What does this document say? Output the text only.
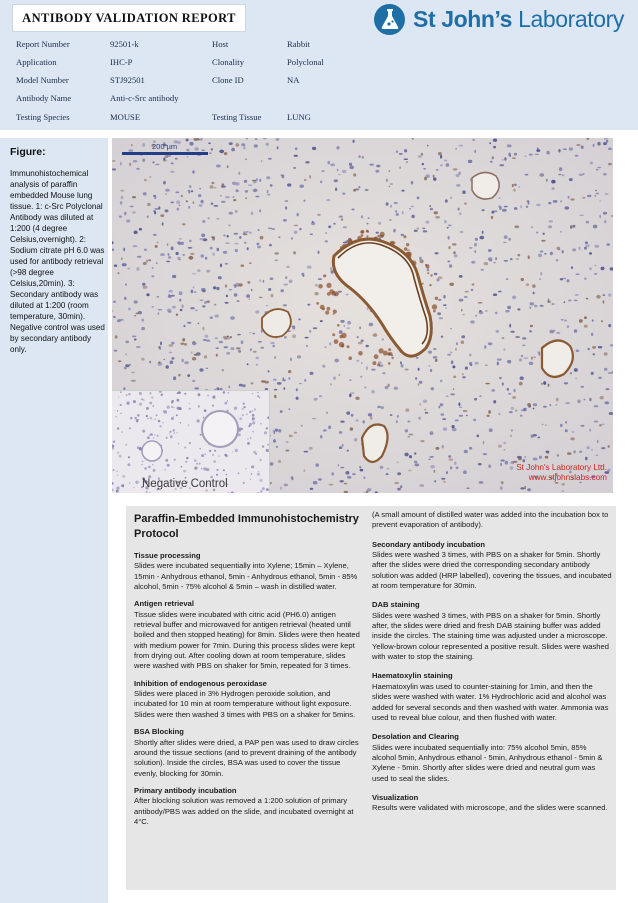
ANTIBODY VALIDATION REPORT	St John’s Laboratory
Report Number	92501-k	Host	Rabbit
Application	IHC-P	Clonality	Polyclonal
Model Number	STJ92501	Clone ID	NA
Antibody Name	Anti-c-Src antibody
Testing Species	MOUSE	Testing Tissue	LUNG
Figure:
Immunohistochemical analysis of paraffin embedded Mouse lung tissue. 1: c-Src Polyclonal Antibody was diluted at 1:200 (4 degree Celsius,overnight). 2: Sodium citrate pH 6.0 was used for antibody retrieval (>98 degree Celsius,20min). 3: Secondary antibody was diluted at 1:200 (room temperature, 30min). Negative control was used by secondary antibody only.
200 µm
Negative Control
St John's Laboratory Ltd.
www.stjohnslabs.com
Paraffin-Embedded Immunohistochemistry Protocol
Tissue processing
Slides were incubated sequentially into Xylene; 15min – Xylene, 15min - Anhydrous ethanol, 5min - Anhydrous ethanol, 5min - 85% alcohol, 5min - 75% alcohol & 5min – wash in distilled water.
Antigen retrieval
Tissue slides were incubated with citric acid (PH6.0) antigen retrieval buffer and microwaved for antigen retrieval (heated until boiled and then stopped heating) for 8min. Slides were then heated with medium power for 7min. During this process slides were kept from drying out. After cooling down at room temperature, slides were washed with PBS on shaker for 5min, repeated for 3 times.
Inhibition of endogenous peroxidase
Slides were placed in 3% Hydrogen peroxide solution, and incubated for 10 min at room temperature without light exposure. Slides were then washed 3 times with PBS on a shaker for 5mins.
BSA Blocking
Shortly after slides were dried, a PAP pen was used to draw circles around the tissue sections (and to prevent draining of the antibody solution). Inside the circles, BSA was used to cover the tissue evenly, blocking for 30min.
Primary antibody incubation
After blocking solution was removed a 1:200 solution of primary antibody/PBS was added on the slide, and incubated overnight at 4°C.
(A small amount of distilled water was added into the incubation box to prevent evaporation of antibody).
Secondary antibody incubation
Slides were washed 3 times, with PBS on a shaker for 5min. Shortly after the slides were dried the corresponding secondary antibody solution was added (HRP labelled), covering the tissues, and incubated at room temperature for 30min.
DAB staining
Slides were washed 3 times, with PBS on a shaker for 5min. Shortly after, the slides were dried and fresh DAB staining buffer was added inside the circles. The staining time was adjusted under a microscope. Yellow-brown colour represented a positive result. Slides were washed with water to stop the staining.
Haematoxylin staining
Haematoxylin was used to counter-staining for 1min, and then the slides were washed with water. 1% Hydrochloric acid and alcohol was added for several seconds and then washed with water. Ammonia was used to reveal blue colour, and then flushed with water.
Desolation and Clearing
Slides were incubated sequentially into: 75% alcohol 5min, 85% alcohol 5min, Anhydrous ethanol - 5min, Anhydrous ethanol - 5min & Xylene - 5min. Shortly after slides were dried and neutral gum was used to seal the slides.
Visualization
Results were validated with microscope, and the slides were scanned.
